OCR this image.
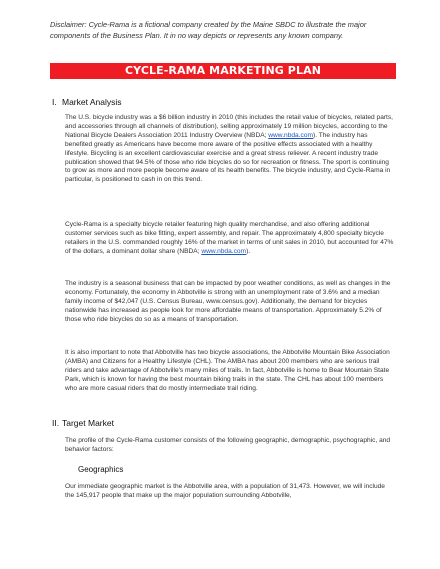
Disclaimer: Cycle-Rama is a fictional company created by the Maine SBDC to illustrate the major components of the Business Plan. It in no way depicts or represents any known company.
CYCLE-RAMA MARKETING PLAN
I. Market Analysis
The U.S. bicycle industry was a $6 billion industry in 2010 (this includes the retail value of bicycles, related parts, and accessories through all channels of distribution), selling approximately 19 million bicycles, according to the National Bicycle Dealers Association 2011 Industry Overview (NBDA; www.nbda.com). The industry has benefited greatly as Americans have become more aware of the positive effects associated with a healthy lifestyle. Bicycling is an excellent cardiovascular exercise and a great stress reliever. A recent industry trade publication showed that 94.5% of those who ride bicycles do so for recreation or fitness. The sport is continuing to grow as more and more people become aware of its health benefits. The bicycle industry, and Cycle-Rama in particular, is positioned to cash in on this trend.
Cycle-Rama is a specialty bicycle retailer featuring high quality merchandise, and also offering additional customer services such as bike fitting, expert assembly, and repair. The approximately 4,800 specialty bicycle retailers in the U.S. commanded roughly 16% of the market in terms of unit sales in 2010, but accounted for 47% of the dollars, a dominant dollar share (NBDA; www.nbda.com).
The industry is a seasonal business that can be impacted by poor weather conditions, as well as changes in the economy. Fortunately, the economy in Abbotville is strong with an unemployment rate of 3.6% and a median family income of $42,047 (U.S. Census Bureau, www.census.gov). Additionally, the demand for bicycles nationwide has increased as people look for more affordable means of transportation. Approximately 5.2% of those who ride bicycles do so as a means of transportation.
It is also important to note that Abbotville has two bicycle associations, the Abbotville Mountain Bike Association (AMBA) and Citizens for a Healthy Lifestyle (CHL). The AMBA has about 200 members who are serious trail riders and take advantage of Abbotville's many miles of trails. In fact, Abbotville is home to Bear Mountain State Park, which is known for having the best mountain biking trails in the state. The CHL has about 100 members who are more casual riders that do mostly intermediate trail riding.
II. Target Market
The profile of the Cycle-Rama customer consists of the following geographic, demographic, psychographic, and behavior factors:
Geographics
Our immediate geographic market is the Abbotville area, with a population of 31,473. However, we will include the 145,917 people that make up the major population surrounding Abbotville,
